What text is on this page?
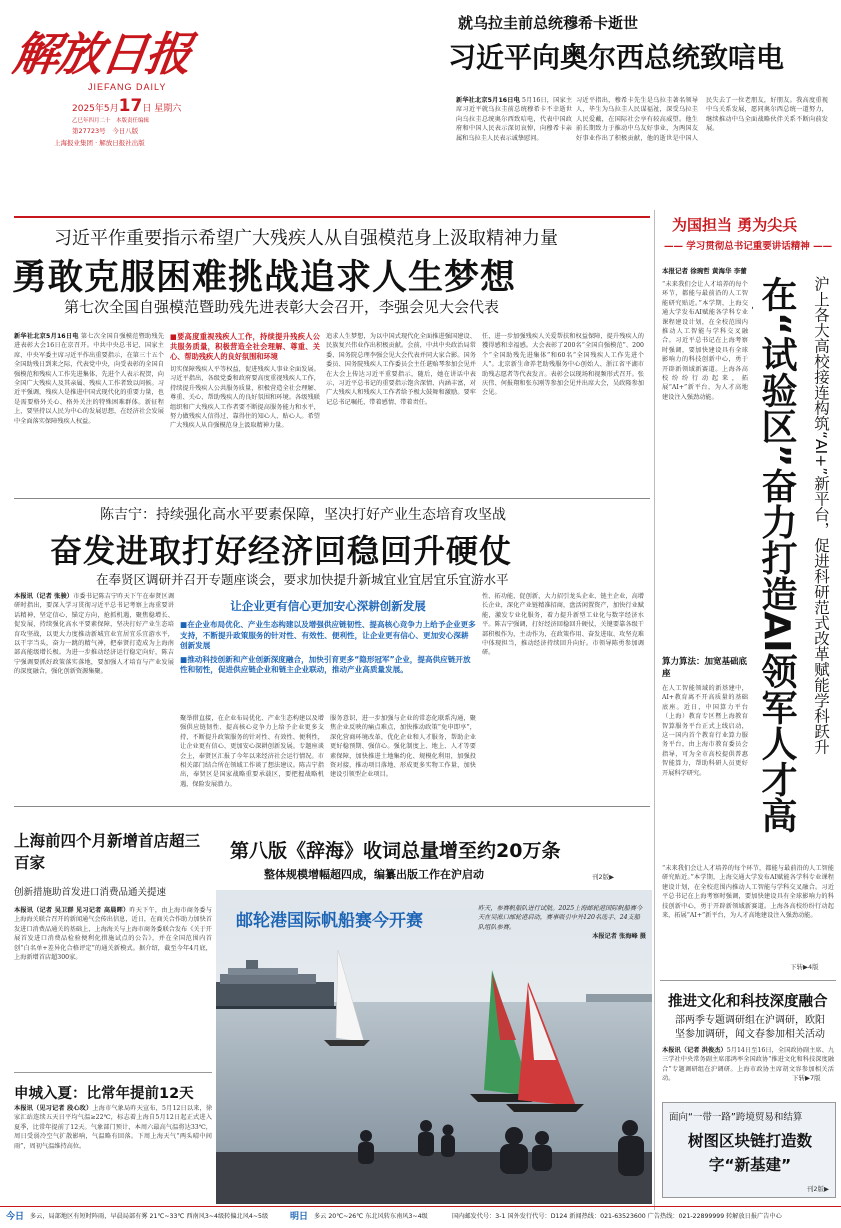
解放日报
JIEFANG DAILY
2025年5月17日 星期六
乙巳年四月二十　 本版责任编辑
第27723号　 今日八版
上海报业集团 · 解放日报社出版
就乌拉圭前总统穆希卡逝世
习近平向奥尔西总统致唁电
新华社北京5月16日电 5月16日，国家主席习近平就乌拉圭前总统穆希卡不幸逝世向乌拉圭总统奥尔西致唁电，代表中国政府和中国人民表示深切哀悼，向穆希卡亲属和乌拉圭人民表示诚挚慰问。
习近平指出，穆希卡先生是乌拉圭著名领导人，毕生为乌拉圭人民谋福祉，深受乌拉圭人民爱戴，在国际社会享有较高威望。他生前长期致力于推动中乌友好事业，为两国友好事业作出了积极贡献，他的逝世是中国人民失去了一位老朋友，好朋友。我高度重视中乌关系发展，愿同奥尔西总统一道努力，继续推动中乌全面战略伙伴关系不断向前发展。
习近平作重要指示希望广大残疾人从自强模范身上汲取精神力量
勇敢克服困难挑战追求人生梦想
第七次全国自强模范暨助残先进表彰大会召开，李强会见大会代表
新华社北京5月16日电 第七次全国自强模范暨助残先进表彰大会16日在京召开。中共中央总书记、国家主席、中央军委主席习近平作出重要指示，在第三十五个全国助残日到来之际，代表党中央，向受表彰的全国自强模范和残疾人工作先进集体、先进个人表示祝贺，向全国广大残疾人及其亲属、残疾人工作者致以问候。习近平强调，残疾人是推进中国式现代化的重要力量，也是需要格外关心、格外关注的特殊困难群体。新征程上，要坚持以人民为中心的发展思想，在经济社会发展中全面落实保障残疾人权益。
■要高度重视残疾人工作，持续提升残疾人公共服务质量，积极营造全社会理解、尊重、关心、帮助残疾人的良好氛围和环境
切实保障残疾人平等权益，促进残疾人事业全面发展。习近平指出，各级党委和政府要高度重视残疾人工作，持续提升残疾人公共服务质量，积极营造全社会理解、尊重、关心、帮助残疾人的良好氛围和环境。各级残联组织和广大残疾人工作者要不断提高服务能力和水平，努力做残疾人信得过、靠得住的知心人、贴心人。希望广大残疾人从自强模范身上汲取精神力量。
追求人生梦想，为以中国式现代化全面推进强国建设、民族复兴伟业作出积极贡献。会前，中共中央政治局常委、国务院总理李强会见大会代表并同大家合影。国务委员、国务院残疾人工作委员会主任谌贻琴参加会见并在大会上传达习近平重要指示，随后，她在讲话中表示，习近平总书记的重要指示饱含深情、内涵丰富，对广大残疾人和残疾人工作者给予极大鼓舞和激励。要牢记总书记嘱托，带着感情、带着责任。
任，进一步加强残疾人关爱帮扶和权益保障，提升残疾人的獲得感和幸福感。大会表彰了200名“全国自强模范”、200个“全国助残先进集体”和60名“全国残疾人工作先进个人”。北京新生命养老助残服务中心创始人、浙江省平湖市助残志愿者等代表发言。表彰会以现场和视频形式召开。张庆伟、何报翔和张东刚等参加会见并出席大会，吴政隆参加会见。
陈吉宁：持续强化高水平要素保障，坚决打好产业生态培育攻坚战
奋发进取打好经济回稳回升硬仗
在奉贤区调研并召开专题座谈会，要求加快提升新城宜业宜居宜乐宜游水平
本报讯（记者 张骏）市委书记陈吉宁昨天下午在奉贤区调研时指出，要深入学习贯彻习近平总书记考察上海重要讲话精神，坚定信心、锚定方向，抢抓机遇，聚焦稳增长、促发展，持续强化高水平要素保障，坚决打好产业生态培育攻坚战，以更大力度推动新城宜业宜居宜乐宜游水平，以干字当头，奋力一跳的精气神，把奉贤打造成为上海南部高能级增长极。为进一步推动经济运行稳定向好，陈吉宁强调要抓好政策落实落地，要加强人才培育与产业发展的深度融合，强化创新资源集聚。
让企业更有信心更加安心深耕创新发展
■在企业布局优化、产业生态构建以及增强供应链韧性、提高核心竞争力上给予企业更多支持，不断提升政策服务的针对性、有效性、便利性，让企业更有信心、更加安心深耕创新发展
■推动科技创新和产业创新深度融合，加快引育更多“隐形冠军”企业，提高供应链开放性和韧性，促进供应链企业和链主企业联动，推动产业高质量发展。
聚举措直接，在企业布局优化、产业生态构建以及增强供应链韧性、提高核心竞争力上给予企业更多支持，不断提升政策服务的针对性、有效性、便利性，让企业更有信心、更加安心深耕创新发展。专题座谈会上，奉贤区汇报了今年以来经济社会运行情况。市相关部门结合所在领域工作谈了想法建议。陈吉宁指出，奉贤区是国家战略重要承载区，要把握战略机遇，保险发展潜力。
服务意识，进一步加强与企业的常态化联系沟通，聚焦企业反映的痛点难点，加快推动政策“免申即享”，深化营商环境改革，优化企业和人才服务，帮助企业更好稳预期、强信心。强化制度上、地上、人才等要素保障，加快推进土地集约化、规模化利用，加强投资对接，推动项目落地、形成更多实物工作量，加快建设引领型企业项目。
性、拓功能，促创新，大力招引龙头企业、链主企业，高增长企业，深化产业链精准招商，盘活闲置资产，加快行业赋能，激发专业化服务，着力提升新型工业化与数字经济水平。陈吉宁强调，打好经济回稳回升硬仗，关键要靠各级干部积极作为，主动作为，在政策作用、奋发进取、攻坚克难中体现担当，推动经济持续回升向好。市领导陈勇参加调研。
为国担当 勇为尖兵
—— 学习贯彻总书记重要讲话精神 ——
本报记者 徐琬哲 黄海华 李蕾
在“试验区”奋力打造AI领军人才高
沪上各大高校接连构筑“AI+”新平台，促进科研范式改革赋能学科跃升
“未来我们会让人才培养的每个环节，都能与最前沿的人工智能研究贴近。”本学期，上海交通大学发布AI赋能各学科专业课程建设计划，在全校范围内推动人工智能与学科交叉融合。习近平总书记在上海考察时强调，要加快建设具有全球影响力的科技创新中心，勇于开辟新领域新赛道。上海各高校纷纷行动起来，拓展“AI+”新平台，为人才高地建设注入强劲动能。
算力算法：加宽基础底座
在人工智能领域的新基建中，AI+教育离不开高质量的基础底座。近日，中国算力平台（上海）教育专区暨上海教育智算服务平台正式上线启动，这一国内首个教育行业算力服务平台，由上海市教育委员会指导，可为全市高校提供普惠智能算力，帮助科研人员更好开展科学研究。
“未来我们会让人才培养的每个环节，都能与最前沿的人工智能研究贴近。”本学期，上海交通大学发布AI赋能各学科专业课程建设计划，在全校范围内推动人工智能与学科交叉融合。习近平总书记在上海考察时强调，要加快建设具有全球影响力的科技创新中心，勇于开辟新领域新赛道。上海各高校纷纷行动起来，拓展“AI+”新平台，为人才高地建设注入强劲动能。
下转▶4版
推进文化和科技深度融合
部两季专题调研组在沪调研，欧阳坚参加调研，闻文春参加相关活动
本报讯（记者 洪俊杰）5月14日至16日，全国政协副主席、九三学社中央常务副主席邵鸿率全国政协“推进文化和科技深度融合”专题调研组在沪调研。上海市政协主席胡文容参加相关活动。	下转▶7版
面向“一带一路”跨境贸易和结算
树图区块链打造数字“新基建”
刊2版▶
上海前四个月新增首店超三百家
创新措施助首发进口消费品通关提速
本报讯（记者 吴卫群 见习记者 高晨晖）昨天下午，由上海市商务委与上海海关联合召开的新闻通气会传出信息，近日，在商关合作助力加快首发进口消费品通关的基础上，上海海关与上海市商务委联合发布《关于开展首发进口消费品检验便利化措施试点的公告》，并在全国范围内首创“白名单+差异化合格评定”的通关新模式。据介绍，截至今年4月底，上海新增首店超300家。
申城入夏：比常年提前12天
本报讯（见习记者 段心玫）上海市气象局昨天宣布，5月12日以来，徐家汇站连续五天日平均气温≥22℃，标志着上海自5月12日起正式进入夏季，比常年提前了12天。气象部门预计，本周六最高气温将达33℃，周日受弱冷空气扩散影响，气温略有回落。下周上海天气“两头晴中间雨”，周初气温维持高位。
第八版《辞海》收词总量增至约20万条
整体规模增幅超四成，编纂出版工作在沪启动	刊2版▶
邮轮港国际帆船赛今开赛
昨天，参赛帆船队进行试航。2025上海邮轮港国际帆船赛今天在吴淞口邮轮港启动，赛事吸引中外120名选手、24支船队组队参赛。
本报记者 张海峰 摄
今日 多云，局部地区有短时阵雨，早晨局部有雾 21℃~33℃ 西南风3~4级转偏北风4~5级 明日 多云 20℃~26℃ 东北风转东南风3~4级	国内邮发代号：3-1 国外发行代号：D124 新闻热线：021-63523600 广告热线：021-22899999 转解放日报广告中心
